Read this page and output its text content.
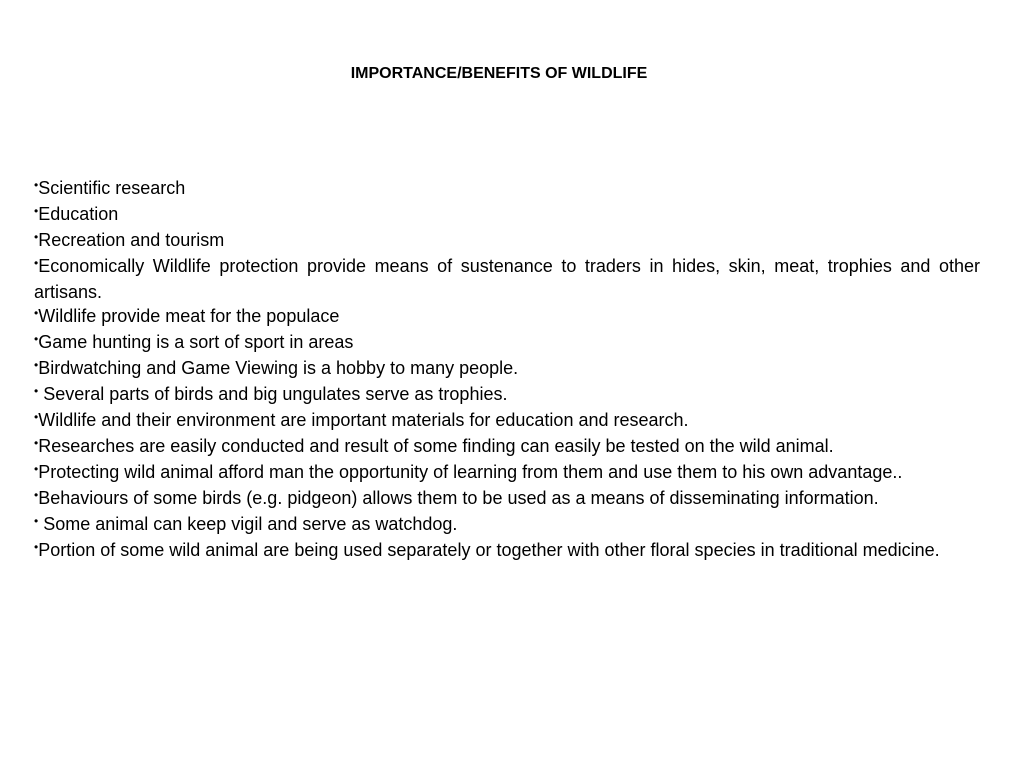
IMPORTANCE/BENEFITS OF WILDLIFE
•Scientific research
•Education
•Recreation and tourism
•Economically Wildlife protection provide means of sustenance to traders in hides, skin, meat, trophies and other artisans.
•Wildlife provide meat for the populace
•Game hunting is a sort of sport in areas
•Birdwatching and Game Viewing is a hobby to many people.
• Several parts of birds and big ungulates serve as trophies.
•Wildlife and their environment are important materials for education and research.
•Researches are easily conducted and result of some finding can easily be tested on the wild animal.
•Protecting wild animal afford man the opportunity of learning from them and use them to his own advantage..
•Behaviours of some birds (e.g. pidgeon) allows them to be used as a means of disseminating information.
• Some animal can keep vigil and serve as watchdog.
•Portion of some wild animal are being used separately or together with other floral species in traditional medicine.
